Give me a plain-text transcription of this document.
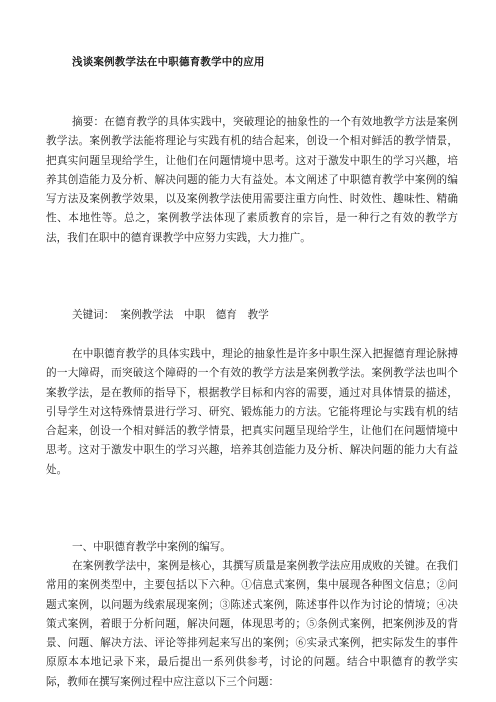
浅谈案例教学法在中职德育教学中的应用

摘要：在德育教学的具体实践中，突破理论的抽象性的一个有效地教学方法是案例教学法。案例教学法能将理论与实践有机的结合起来，创设一个相对鲜活的教学情景，把真实问题呈现给学生，让他们在问题情境中思考。这对于激发中职生的学习兴趣，培养其创造能力及分析、解决问题的能力大有益处。本文阐述了中职德育教学中案例的编写方法及案例教学效果，以及案例教学法使用需要注重方向性、时效性、趣味性、精确性、本地性等。总之，案例教学法体现了素质教育的宗旨，是一种行之有效的教学方法，我们在职中的德育课教学中应努力实践，大力推广。

关键词： 案例教学法　中职　德育　教学

在中职德育教学的具体实践中，理论的抽象性是许多中职生深入把握德育理论脉搏的一大障碍，而突破这个障碍的一个有效的教学方法是案例教学法。案例教学法也叫个案教学法，是在教师的指导下，根据教学目标和内容的需要，通过对具体情景的描述，引导学生对这特殊情景进行学习、研究、锻炼能力的方法。它能将理论与实践有机的结合起来，创设一个相对鲜活的教学情景，把真实问题呈现给学生，让他们在问题情境中思考。这对于激发中职生的学习兴趣，培养其创造能力及分析、解决问题的能力大有益处。

一、中职德育教学中案例的编写。

在案例教学法中，案例是核心，其撰写质量是案例教学法应用成败的关键。在我们常用的案例类型中，主要包括以下六种。①信息式案例，集中展现各种图文信息；②问题式案例，以问题为线索展现案例；③陈述式案例，陈述事件以作为讨论的情境；④决策式案例，着眼于分析问题，解决问题，体现思考的；⑤条例式案例，把案例涉及的背景、问题、解决方法、评论等排列起来写出的案例；⑥实录式案例，把实际发生的事件原原本本地记录下来，最后提出一系列供参考，讨论的问题。结合中职德育的教学实际，教师在撰写案例过程中应注意以下三个问题：
